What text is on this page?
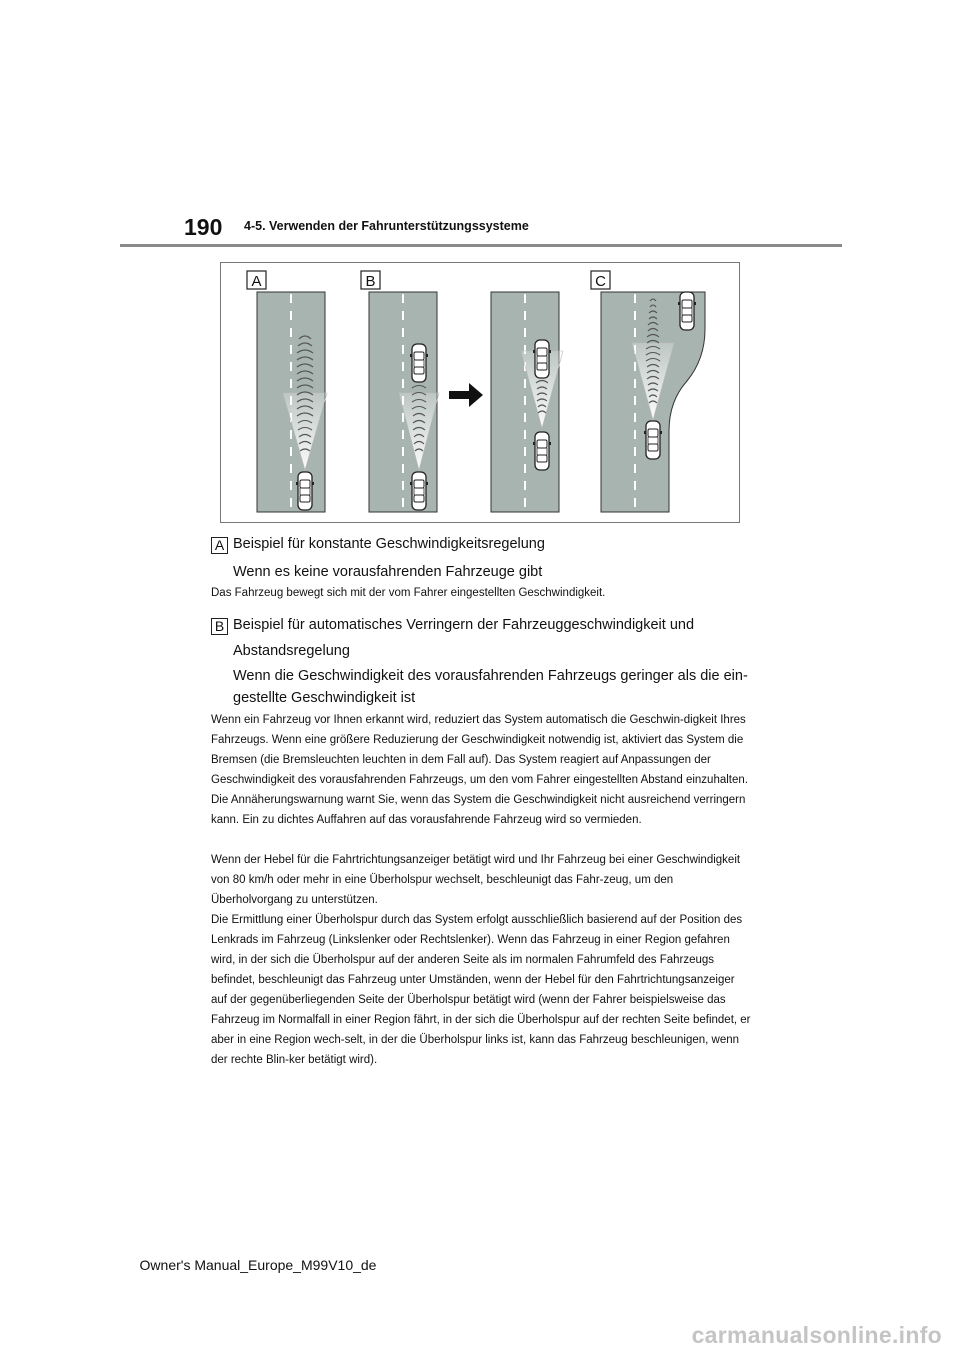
190 4-5. Verwenden der Fahrunterstützungssysteme
A	B	C
A Beispiel für konstante Geschwindigkeitsregelung
Wenn es keine vorausfahrenden Fahrzeuge gibt
Das Fahrzeug bewegt sich mit der vom Fahrer eingestellten Geschwindigkeit.
B Beispiel für automatisches Verringern der Fahrzeuggeschwindigkeit und
Abstandsregelung
Wenn die Geschwindigkeit des vorausfahrenden Fahrzeugs geringer als die ein-
gestellte Geschwindigkeit ist

Wenn ein Fahrzeug vor Ihnen erkannt wird, reduziert das System automatisch die Geschwin-digkeit Ihres Fahrzeugs. Wenn eine größere Reduzierung der Geschwindigkeit notwendig ist, aktiviert das System die Bremsen (die Bremsleuchten leuchten in dem Fall auf). Das System reagiert auf Anpassungen der Geschwindigkeit des vorausfahrenden Fahrzeugs, um den vom Fahrer eingestellten Abstand einzuhalten. Die Annäherungswarnung warnt Sie, wenn das System die Geschwindigkeit nicht ausreichend verringern kann. Ein zu dichtes Auffahren auf das vorausfahrende Fahrzeug wird so vermieden.

Wenn der Hebel für die Fahrtrichtungsanzeiger betätigt wird und Ihr Fahrzeug bei einer Geschwindigkeit von 80 km/h oder mehr in eine Überholspur wechselt, beschleunigt das Fahr-zeug, um den Überholvorgang zu unterstützen.

Die Ermittlung einer Überholspur durch das System erfolgt ausschließlich basierend auf der Position des Lenkrads im Fahrzeug (Linkslenker oder Rechtslenker). Wenn das Fahrzeug in einer Region gefahren wird, in der sich die Überholspur auf der anderen Seite als im normalen Fahrumfeld des Fahrzeugs befindet, beschleunigt das Fahrzeug unter Umständen, wenn der Hebel für den Fahrtrichtungsanzeiger auf der gegenüberliegenden Seite der Überholspur betätigt wird (wenn der Fahrer beispielsweise das Fahrzeug im Normalfall in einer Region fährt, in der sich die Überholspur auf der rechten Seite befindet, er aber in eine Region wech-selt, in der die Überholspur links ist, kann das Fahrzeug beschleunigen, wenn der rechte Blin-ker betätigt wird).

Owner's Manual_Europe_M99V10_de
carmanualsonline.info
